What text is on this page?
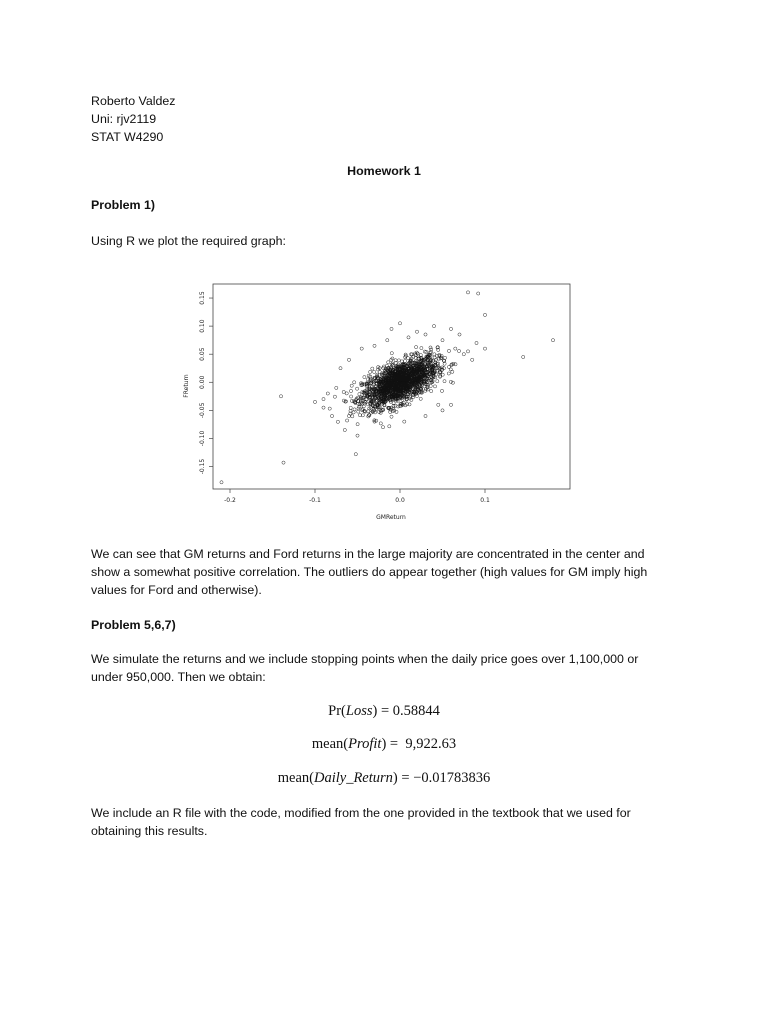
Roberto Valdez

Uni: rjv2119

STAT W4290

Homework 1

Problem 1)

Using R we plot the required graph:

-0.2	-0.1	0.0	0.1
-0.15
-0.10
-0.05
0.00
0.05
0.10
0.15
GMReturn
FReturn

We can see that GM returns and Ford returns in the large majority are concentrated in the center and show a somewhat positive correlation. The outliers do appear together (high values for GM imply high values for Ford and otherwise).

Problem 5,6,7)

We simulate the returns and we include stopping points when the daily price goes over 1,100,000 or under 950,000. Then we obtain:

Pr(Loss) = 0.58844
mean(Profit) =  9,922.63
mean(Daily_Return) = −0.01783836

We include an R file with the code, modified from the one provided in the textbook that we used for obtaining this results.
